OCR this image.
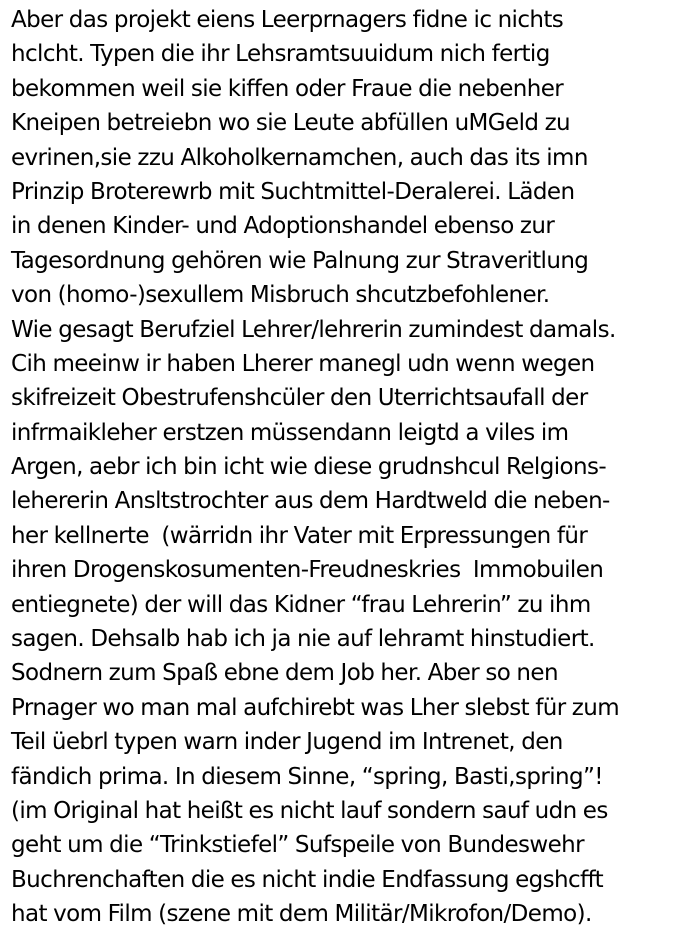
Aber das projekt eiens Leerprnagers fidne ic nichts
hclcht. Typen die ihr Lehsramtsuuidum nich fertig
bekommen weil sie kiffen oder Fraue die nebenher
Kneipen betreiebn wo sie Leute abfüllen uMGeld zu
evrinen,sie zzu Alkoholkernamchen, auch das its imn
Prinzip Broterewrb mit Suchtmittel-Deralerei. Läden
in denen Kinder- und Adoptionshandel ebenso zur
Tagesordnung gehören wie Palnung zur Straveritlung
von (homo-)sexullem Misbruch shcutzbefohlener.
Wie gesagt Berufziel Lehrer/lehrerin zumindest damals.
Cih meeinw ir haben Lherer manegl udn wenn wegen
skifreizeit Obestrufenshcüler den Uterrichtsaufall der
infrmaikleher erstzen müssendann leigtd a viles im
Argen, aebr ich bin icht wie diese grudnshcul Relgions-
lehererin Ansltstrochter aus dem Hardtweld die neben-
her kellnerte  (wärridn ihr Vater mit Erpressungen für
ihren Drogenskosumenten-Freudneskries  Immobuilen
entiegnete) der will das Kidner “frau Lehrerin” zu ihm
sagen. Dehsalb hab ich ja nie auf lehramt hinstudiert.
Sodnern zum Spaß ebne dem Job her. Aber so nen
Prnager wo man mal aufchirebt was Lher slebst für zum
Teil üebrl typen warn inder Jugend im Intrenet, den
fändich prima. In diesem Sinne, “spring, Basti,spring”!
(im Original hat heißt es nicht lauf sondern sauf udn es
geht um die “Trinkstiefel” Sufspeile von Bundeswehr
Buchrenchaften die es nicht indie Endfassung egshcfft
hat vom Film (szene mit dem Militär/Mikrofon/Demo).
